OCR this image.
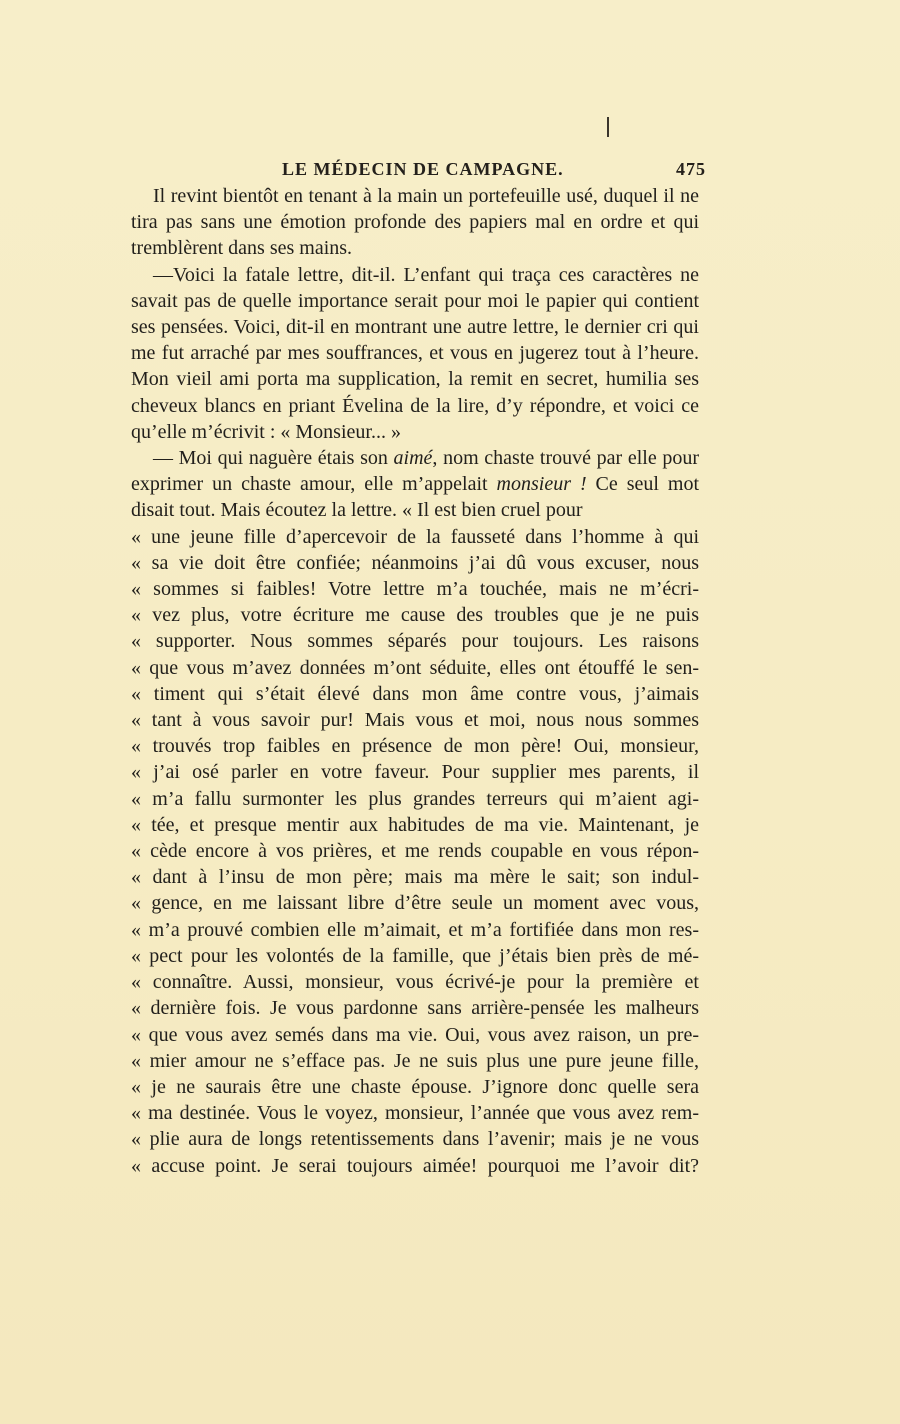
LE MÉDECIN DE CAMPAGNE.	475

Il revint bientôt en tenant à la main un portefeuille usé, duquel il ne tira pas sans une émotion profonde des papiers mal en ordre et qui tremblèrent dans ses mains.

—Voici la fatale lettre, dit-il. L’enfant qui traça ces caractères ne savait pas de quelle importance serait pour moi le papier qui contient ses pensées. Voici, dit-il en montrant une autre lettre, le dernier cri qui me fut arraché par mes souffrances, et vous en jugerez tout à l’heure. Mon vieil ami porta ma supplication, la remit en secret, humilia ses cheveux blancs en priant Évelina de la lire, d’y répondre, et voici ce qu’elle m’écrivit : « Monsieur... »

— Moi qui naguère étais son aimé, nom chaste trouvé par elle pour exprimer un chaste amour, elle m’appelait monsieur ! Ce seul mot disait tout. Mais écoutez la lettre. « Il est bien cruel pour

« une jeune fille d’apercevoir de la fausseté dans l’homme à qui
« sa vie doit être confiée; néanmoins j’ai dû vous excuser, nous
« sommes si faibles! Votre lettre m’a touchée, mais ne m’écri-
« vez plus, votre écriture me cause des troubles que je ne puis
« supporter. Nous sommes séparés pour toujours. Les raisons
« que vous m’avez données m’ont séduite, elles ont étouffé le sen-
« timent qui s’était élevé dans mon âme contre vous, j’aimais
« tant à vous savoir pur! Mais vous et moi, nous nous sommes
« trouvés trop faibles en présence de mon père! Oui, monsieur,
« j’ai osé parler en votre faveur. Pour supplier mes parents, il
« m’a fallu surmonter les plus grandes terreurs qui m’aient agi-
« tée, et presque mentir aux habitudes de ma vie. Maintenant, je
« cède encore à vos prières, et me rends coupable en vous répon-
« dant à l’insu de mon père; mais ma mère le sait; son indul-
« gence, en me laissant libre d’être seule un moment avec vous,
« m’a prouvé combien elle m’aimait, et m’a fortifiée dans mon res-
« pect pour les volontés de la famille, que j’étais bien près de mé-
« connaître. Aussi, monsieur, vous écrivé-je pour la première et
« dernière fois. Je vous pardonne sans arrière-pensée les malheurs
« que vous avez semés dans ma vie. Oui, vous avez raison, un pre-
« mier amour ne s’efface pas. Je ne suis plus une pure jeune fille,
« je ne saurais être une chaste épouse. J’ignore donc quelle sera
« ma destinée. Vous le voyez, monsieur, l’année que vous avez rem-
« plie aura de longs retentissements dans l’avenir; mais je ne vous
« accuse point. Je serai toujours aimée! pourquoi me l’avoir dit?
